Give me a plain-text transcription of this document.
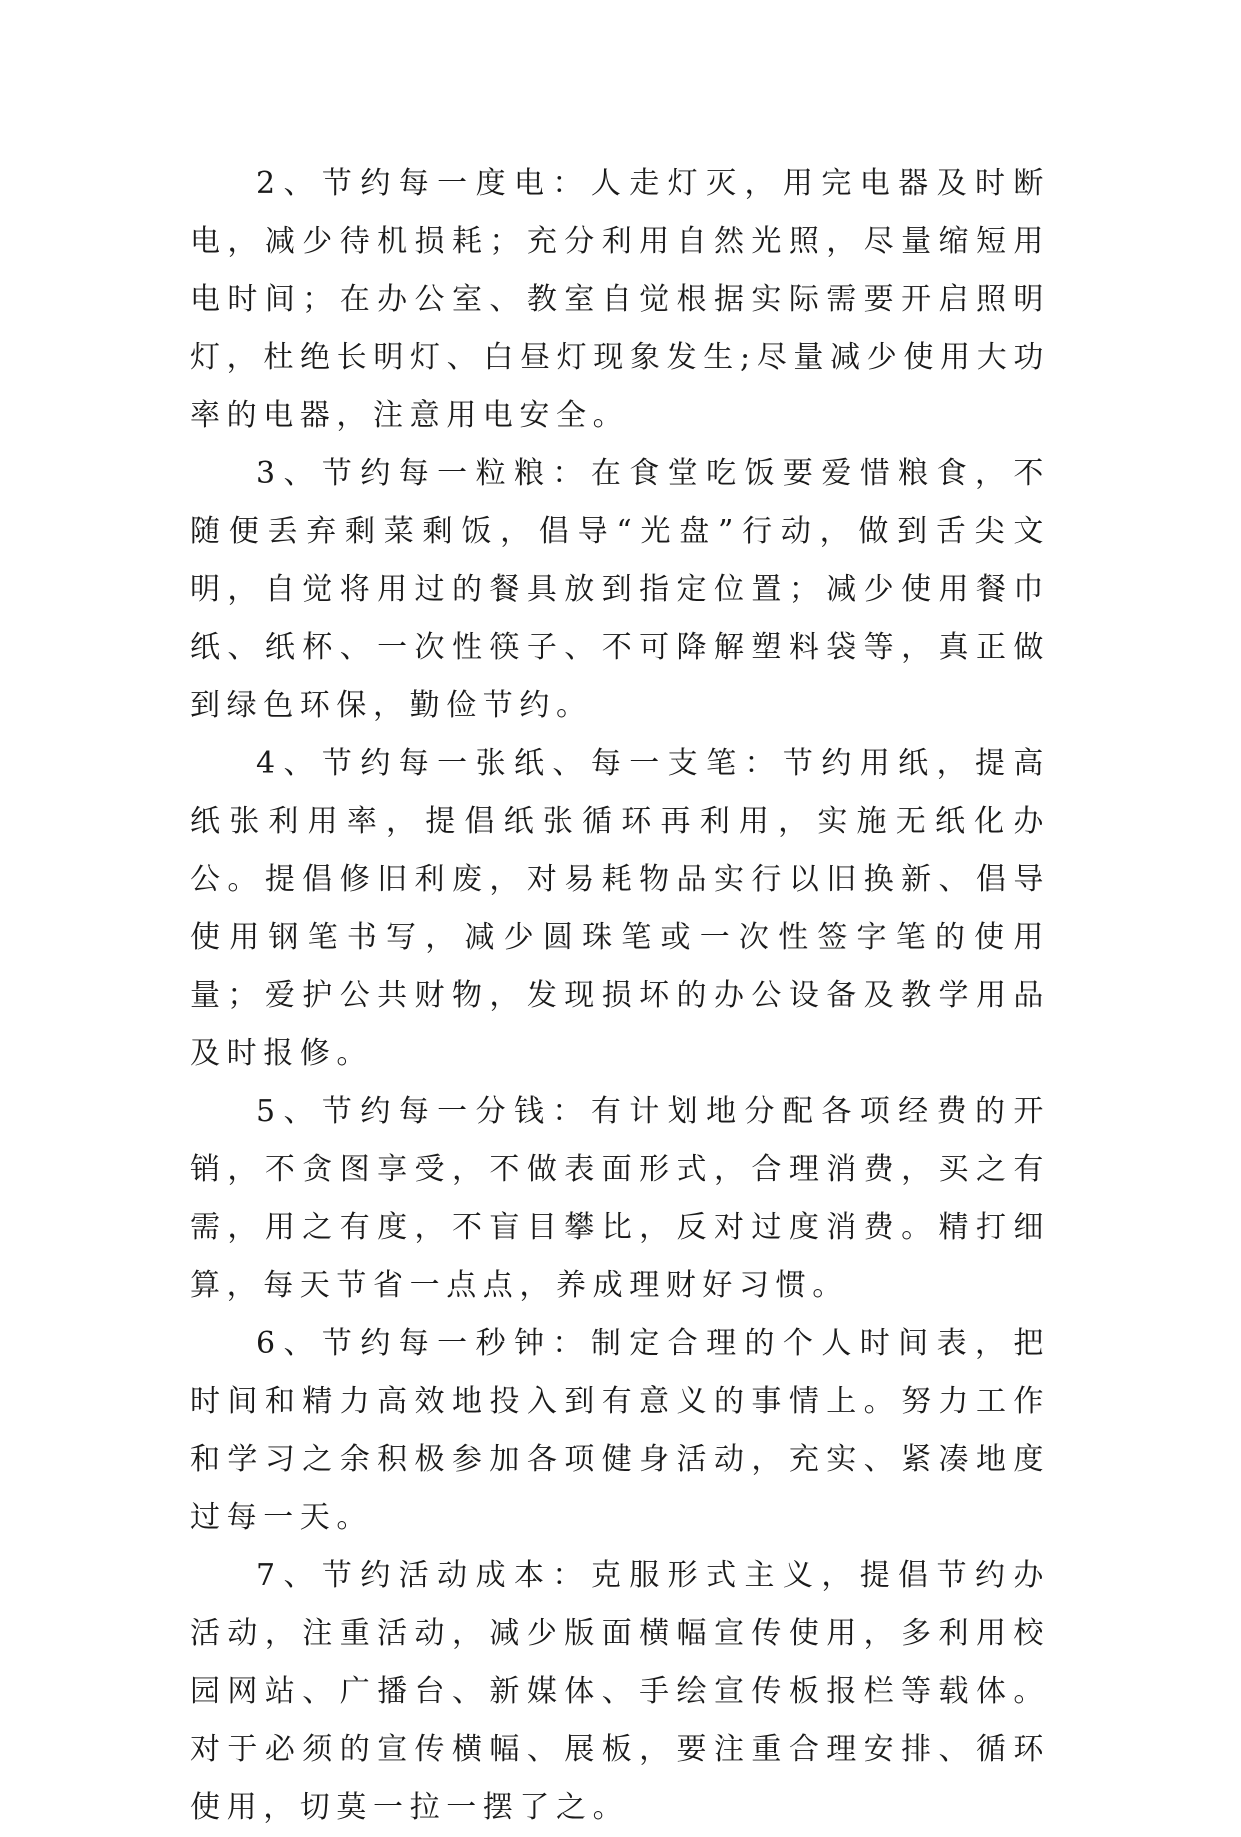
2、节约每一度电：人走灯灭，用完电器及时断电，减少待机损耗；充分利用自然光照，尽量缩短用电时间；在办公室、教室自觉根据实际需要开启照明灯，杜绝长明灯、白昼灯现象发生;尽量减少使用大功率的电器，注意用电安全。

3、节约每一粒粮：在食堂吃饭要爱惜粮食，不随便丢弃剩菜剩饭，倡导“光盘”行动，做到舌尖文明，自觉将用过的餐具放到指定位置；减少使用餐巾纸、纸杯、一次性筷子、不可降解塑料袋等，真正做到绿色环保，勤俭节约。

4、节约每一张纸、每一支笔：节约用纸，提高纸张利用率，提倡纸张循环再利用，实施无纸化办公。提倡修旧利废，对易耗物品实行以旧换新、倡导使用钢笔书写，减少圆珠笔或一次性签字笔的使用量；爱护公共财物，发现损坏的办公设备及教学用品及时报修。

5、节约每一分钱：有计划地分配各项经费的开销，不贪图享受，不做表面形式，合理消费，买之有需，用之有度，不盲目攀比，反对过度消费。精打细算，每天节省一点点，养成理财好习惯。

6、节约每一秒钟：制定合理的个人时间表，把时间和精力高效地投入到有意义的事情上。努力工作和学习之余积极参加各项健身活动，充实、紧凑地度过每一天。

7、节约活动成本：克服形式主义，提倡节约办活动，注重活动，减少版面横幅宣传使用，多利用校园网站、广播台、新媒体、手绘宣传板报栏等载体。对于必须的宣传横幅、展板，要注重合理安排、循环使用，切莫一拉一摆了之。
